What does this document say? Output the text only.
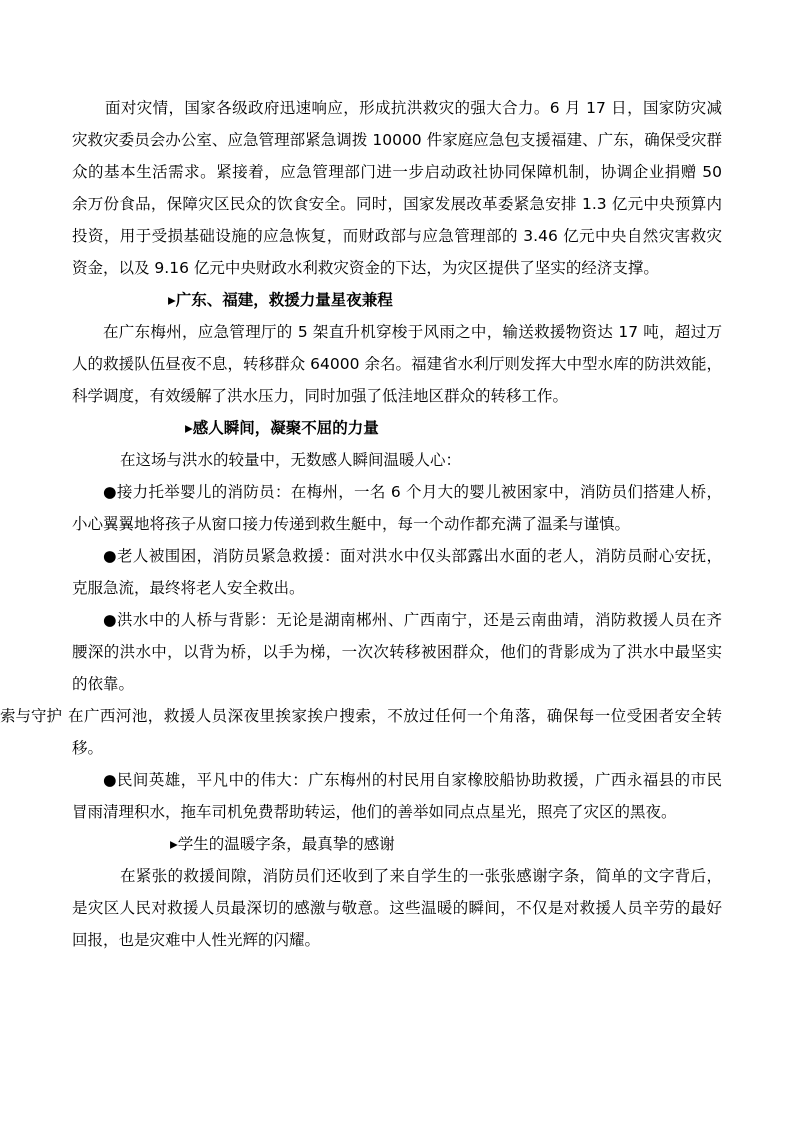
面对灾情，国家各级政府迅速响应，形成抗洪救灾的强大合力。6 月 17 日，国家防灾减
灾救灾委员会办公室、应急管理部紧急调拨 10000 件家庭应急包支援福建、广东，确保受灾群
众的基本生活需求。紧接着，应急管理部门进一步启动政社协同保障机制，协调企业捐赠 50
余万份食品，保障灾区民众的饮食安全。同时，国家发展改革委紧急安排 1.3 亿元中央预算内
投资，用于受损基础设施的应急恢复，而财政部与应急管理部的 3.46 亿元中央自然灾害救灾
资金，以及 9.16 亿元中央财政水利救灾资金的下达，为灾区提供了坚实的经济支撑。
▸广东、福建，救援力量星夜兼程
在广东梅州，应急管理厅的 5 架直升机穿梭于风雨之中，输送救援物资达 17 吨，超过万
人的救援队伍昼夜不息，转移群众 64000 余名。福建省水利厅则发挥大中型水库的防洪效能，
科学调度，有效缓解了洪水压力，同时加强了低洼地区群众的转移工作。
▸感人瞬间，凝聚不屈的力量
在这场与洪水的较量中，无数感人瞬间温暖人心：
●接力托举婴儿的消防员：在梅州，一名 6 个月大的婴儿被困家中，消防员们搭建人桥，
小心翼翼地将孩子从窗口接力传递到救生艇中，每一个动作都充满了温柔与谨慎。
●老人被围困，消防员紧急救援：面对洪水中仅头部露出水面的老人，消防员耐心安抚，
克服急流，最终将老人安全救出。
●洪水中的人桥与背影：无论是湖南郴州、广西南宁，还是云南曲靖，消防救援人员在齐
腰深的洪水中，以背为桥，以手为梯，一次次转移被困群众，他们的背影成为了洪水中最坚实
的依靠。
索与守护 在广西河池，救援人员深夜里挨家挨户搜索，不放过任何一个角落，确保每一位受困者安全转
移。
●民间英雄，平凡中的伟大：广东梅州的村民用自家橡胶船协助救援，广西永福县的市民
冒雨清理积水，拖车司机免费帮助转运，他们的善举如同点点星光，照亮了灾区的黑夜。
▸学生的温暖字条，最真挚的感谢
在紧张的救援间隙，消防员们还收到了来自学生的一张张感谢字条，简单的文字背后，
是灾区人民对救援人员最深切的感激与敬意。这些温暖的瞬间，不仅是对救援人员辛劳的最好
回报，也是灾难中人性光辉的闪耀。
